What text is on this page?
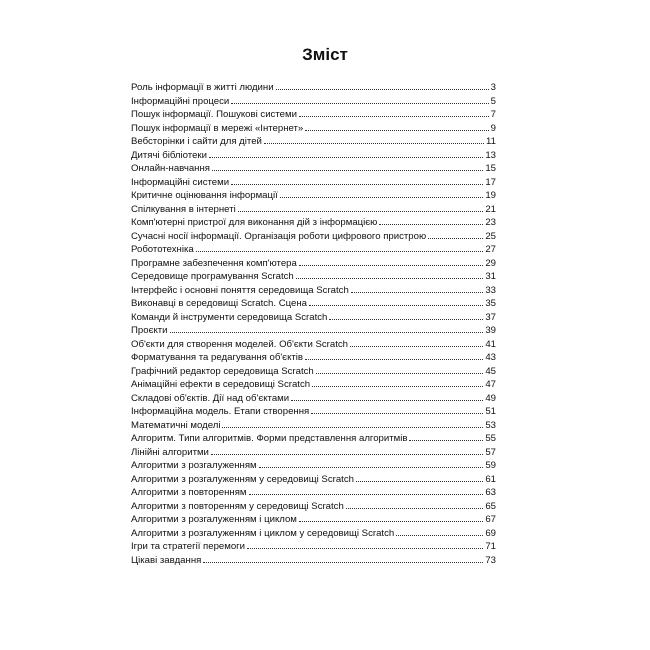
Зміст
Роль інформації в житті людини	3
Інформаційні процеси	5
Пошук інформації. Пошукові системи	7
Пошук інформації в мережі «Інтернет»	9
Вебсторінки і сайти для дітей	11
Дитячі бібліотеки	13
Онлайн-навчання	15
Інформаційні системи	17
Критичне оцінювання інформації	19
Спілкування в інтернеті	21
Комп'ютерні пристрої для виконання дій з інформацією	23
Сучасні носії інформації. Організація роботи цифрового пристрою	25
Робототехніка	27
Програмне забезпечення комп'ютера	29
Середовище програмування Scratch	31
Інтерфейс і основні поняття середовища Scratch	33
Виконавці в середовищі Scratch. Сцена	35
Команди й інструменти середовища Scratch	37
Проєкти	39
Об'єкти для створення моделей. Об'єкти Scratch	41
Форматування та редагування об'єктів	43
Графічний редактор середовища Scratch	45
Анімаційні ефекти в середовищі Scratch	47
Складові об'єктів. Дії над об'єктами	49
Інформаційна модель. Етапи створення	51
Математичні моделі	53
Алгоритм. Типи алгоритмів. Форми представлення алгоритмів	55
Лінійні алгоритми	57
Алгоритми з розгалуженням	59
Алгоритми з розгалуженням у середовищі Scratch	61
Алгоритми з повторенням	63
Алгоритми з повторенням у середовищі Scratch	65
Алгоритми з розгалуженням і циклом	67
Алгоритми з розгалуженням і циклом у середовищі Scratch	69
Ігри та стратегії перемоги	71
Цікаві завдання	73
